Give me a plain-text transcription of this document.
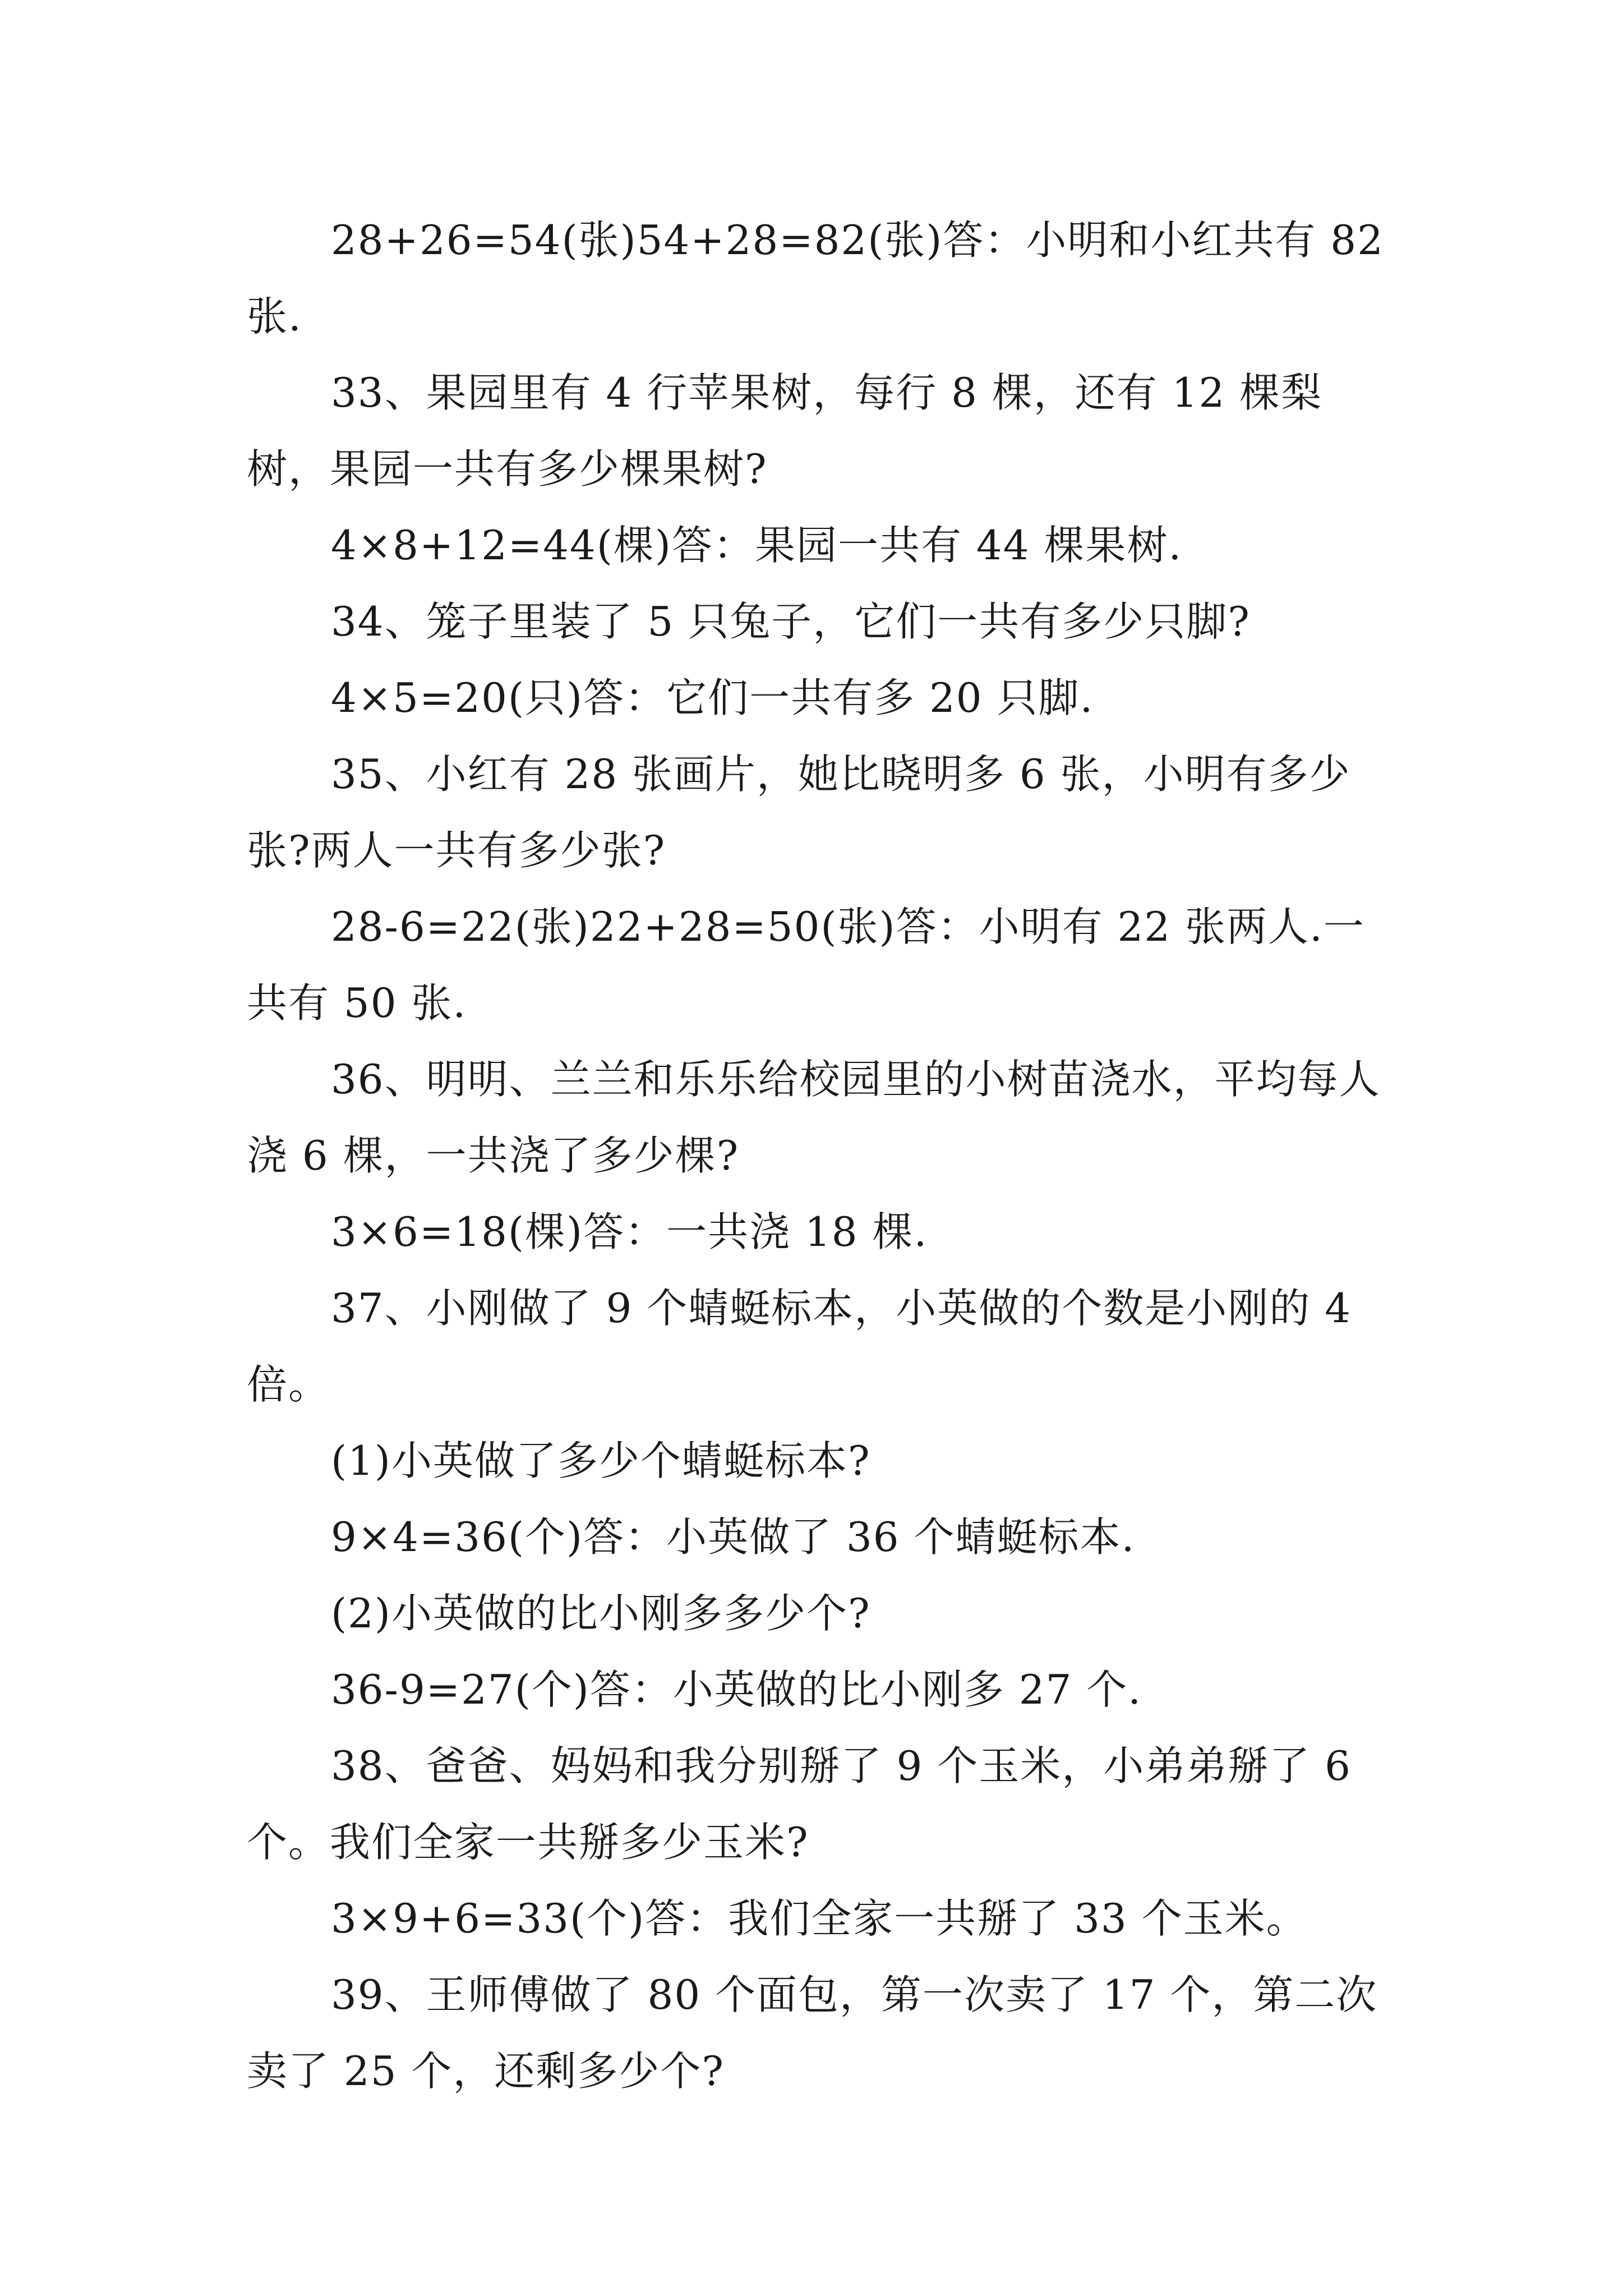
28+26=54(张)54+28=82(张)答：小明和小红共有 82 张.

33、果园里有 4 行苹果树，每行 8 棵，还有 12 棵梨树，果园一共有多少棵果树?

4×8+12=44(棵)答：果园一共有 44 棵果树.

34、笼子里装了 5 只兔子，它们一共有多少只脚?

4×5=20(只)答：它们一共有多 20 只脚.

35、小红有 28 张画片，她比晓明多 6 张，小明有多少张?两人一共有多少张?

28-6=22(张)22+28=50(张)答：小明有 22 张两人.一共有 50 张.

36、明明、兰兰和乐乐给校园里的小树苗浇水，平均每人浇 6 棵，一共浇了多少棵?

3×6=18(棵)答：一共浇 18 棵.

37、小刚做了 9 个蜻蜓标本，小英做的个数是小刚的 4 倍。

(1)小英做了多少个蜻蜓标本?

9×4=36(个)答：小英做了 36 个蜻蜓标本.

(2)小英做的比小刚多多少个?

36-9=27(个)答：小英做的比小刚多 27 个.

38、爸爸、妈妈和我分别掰了 9 个玉米，小弟弟掰了 6 个。我们全家一共掰多少玉米?

3×9+6=33(个)答：我们全家一共掰了 33 个玉米。

39、王师傅做了 80 个面包，第一次卖了 17 个，第二次卖了 25 个，还剩多少个?
